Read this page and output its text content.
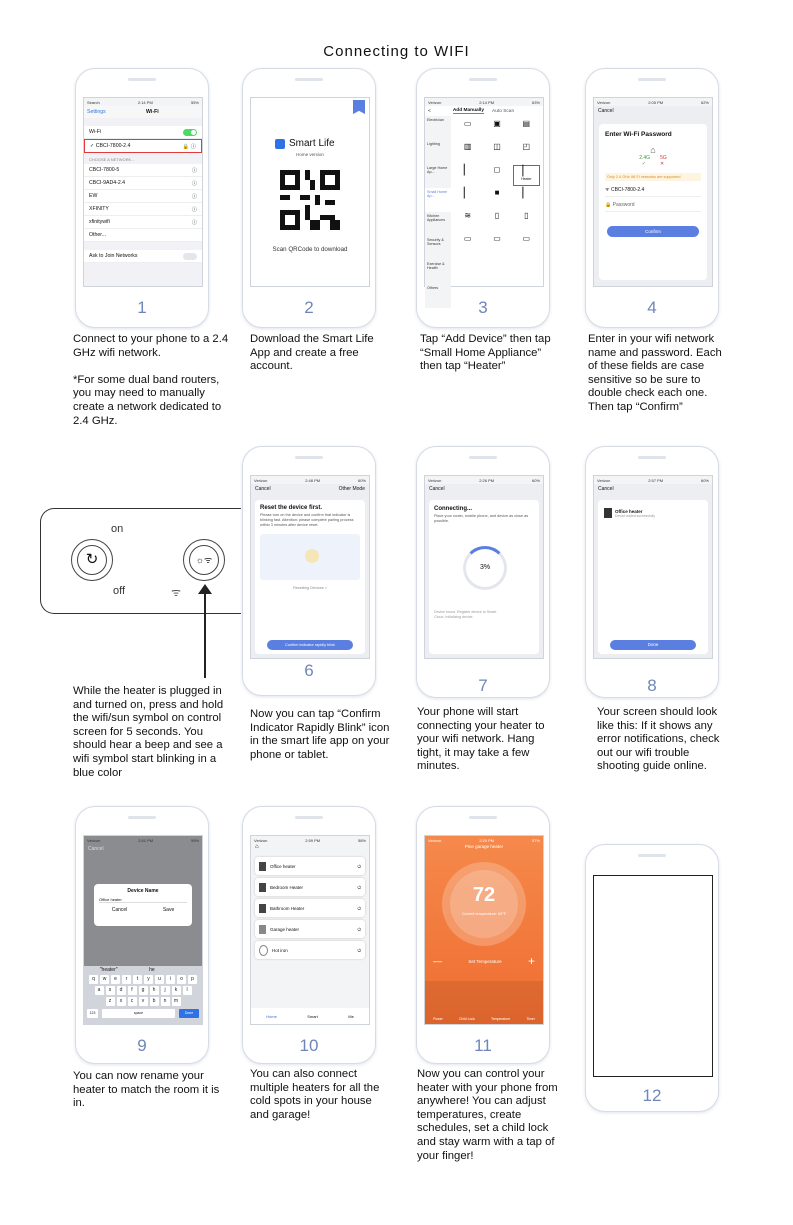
Connecting to WIFI
Search	2:14 PM	55%
Settings	Wi-Fi
Wi-Fi
✓ CBCI-7800-2.4	🔒 ⓘ
CHOOSE A NETWORK...
CBCI-7800-5	ⓘ
CBCI-9AD4-2.4	ⓘ
EW	ⓘ
XFINITY	ⓘ
xfinitywifi	ⓘ
Other...
Ask to Join Networks
1
Smart Life
Home version
Scan QRCode to download
2
Verizon	2:14 PM	63%
<	Add Manually Auto Scan
Electrician
Lighting
Large Home Ap...
Small Home Ap...
Kitchen Appliances
Security & Sensors
Exercise & Health
Others
▭	▣	▤
▥	◫	◰
▏	◻	▏
Heater
▏	■	▏
≋	▯	▯
▭	▭	▭
3
Verizon	2:05 PM	62%
Cancel
Enter Wi-Fi Password
⌂
2.4G 5G
✓	✕
Only 2.4 GHz Wi-Fi networks are supported
ᯤ CBCI-7800-2.4
🔒 Password
Confirm
4
Connect to your phone to a 2.4 GHz wifi network.

*For some dual band routers, you may need to manually create a network dedicated to 2.4 GHz.
Download the Smart Life App and create a free account.
Tap “Add Device” then tap “Small Home Appliance” then tap “Heater”
Enter in your wifi network name and password. Each of these fields are case sensitive so be sure to double check each one. Then tap “Confirm”
on
↻
off
☼ᯤ
ᯤ
While the heater is plugged in and turned on, press and hold the wifi/sun symbol on control screen for 5 seconds. You should hear a beep and see a wifi symbol start blinking in a blue color
Verizon	2:48 PM	60%
Cancel	Other Mode
Reset the device first.
Please turn on the device and confirm that indicator is blinking fast. Attention: please complete pairing process within 3 minutes after device reset.
Resetting Devices >
Confirm indicator rapidly blink
6
Verizon	2:26 PM	60%
Cancel
Connecting...
Place your router, mobile phone, and device as close as possible.
3%
Device found. Register device to Smart Cloud. Initializing device.
7
Verizon	2:57 PM	60%
Cancel
Office heater
Device added successfully
Done
8
Now you can tap “Confirm Indicator Rapidly Blink” icon in the smart life app on your phone or tablet.
Your phone will start connecting your heater to your wifi network. Hang tight, it may take a few minutes.
Your screen should look like this: If it shows any error notifications, check out our wifi trouble shooting guide online.
Verizon	2:51 PM	59%
Cancel
Device Name
Office heater
Cancel	Save
"heater"	he
q w e r t y u i o p
a s d f g h j k l
z x c v b n m
123	space	Done
9
Verizon	2:59 PM	58%
⌂
Office heater	⏻
Bedroom Heater	⏻
Bathroom Heater	⏻
Garage heater	⏻
Hot iron	⏻
Home	Smart	Me
10
Verizon	2:20 PM	57%
Pine garage heater
72
Current temperature: 69°F
—	Set Temperature +
Power	Child Lock	Temperature	Timer
11
12
You can now rename your heater to match the room it is in.
You can also connect multiple heaters for all the cold spots in your house and garage!
Now you can control your heater with your phone from anywhere! You can adjust temperatures, create schedules, set a child lock and stay warm with a tap of your finger!
